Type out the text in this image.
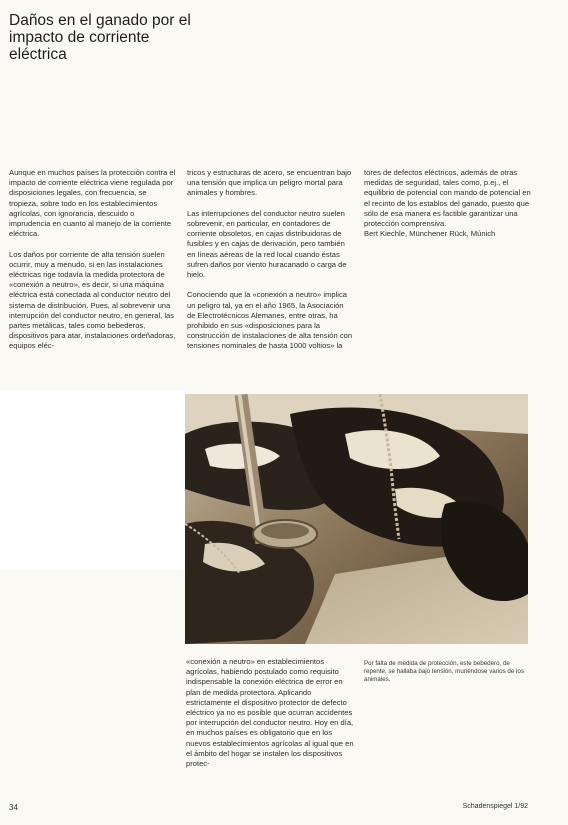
Daños en el ganado por el impacto de corriente eléctrica

Aunque en muchos países la protección contra el impacto de corriente eléctrica viene regulada por disposiciones legales, con frecuencia, se tropieza, sobre todo en los establecimientos agrícolas, con ignorancia, descuido o imprudencia en cuanto al manejo de la corriente eléctrica.

Los daños por corriente de alta tensión suelen ocurrir, muy a menudo, si en las instalaciones eléctricas rige todavía la medida protectora de «conexión a neutro», es decir, si una máquina eléctrica está conectada al conductor neutro del sistema de distribución. Pues, al sobrevenir una interrupción del conductor neutro, en general, las partes metálicas, tales como bebederos, dispositivos para atar, instalaciones ordeñadoras, equipos eléc-

tricos y estructuras de acero, se encuentran bajo una tensión que implica un peligro mortal para animales y hombres.

Las interrupciones del conductor neutro suelen sobrevenir, en particular, en contadores de corriente obsoletos, en cajas distribuidoras de fusibles y en cajas de derivación, pero también en líneas aéreas de la red local cuando éstas sufren daños por viento huracanado o carga de hielo.

Conociendo que la «conexión a neutro» implica un peligro tal, ya en el año 1965, la Asociación de Electrotécnicos Alemanes, entre otras, ha prohibido en sus «disposiciones para la construcción de instalaciones de alta tensión con tensiones nominales de hasta 1000 voltios» la

tores de defectos eléctricos, además de otras medidas de seguridad, tales como, p.ej., el equilibrio de potencial con mando de potencial en el recinto de los establos del ganado, puesto que sólo de esa manera es factible garantizar una protección comprensiva.

Bert Kiechle, Münchener Rück, Múnich

«conexión a neutro» en establecimientos agrícolas, habiendo postulado como requisito indispensable la conexión eléctrica de error en plan de medida protectora. Aplicando estrictamente el dispositivo protector de defecto eléctrico ya no es posible que ocurran accidentes por interrupción del conductor neutro. Hoy en día, en muchos países es obligatorio que en los nuevos establecimientos agrícolas al igual que en el ámbito del hogar se instalen los dispositivos protec-

Por falta de medida de protección, este bebedero, de repente, se hallaba bajo tensión, muriéndose varios de los animales.
34	Schadenspiegel 1/92
